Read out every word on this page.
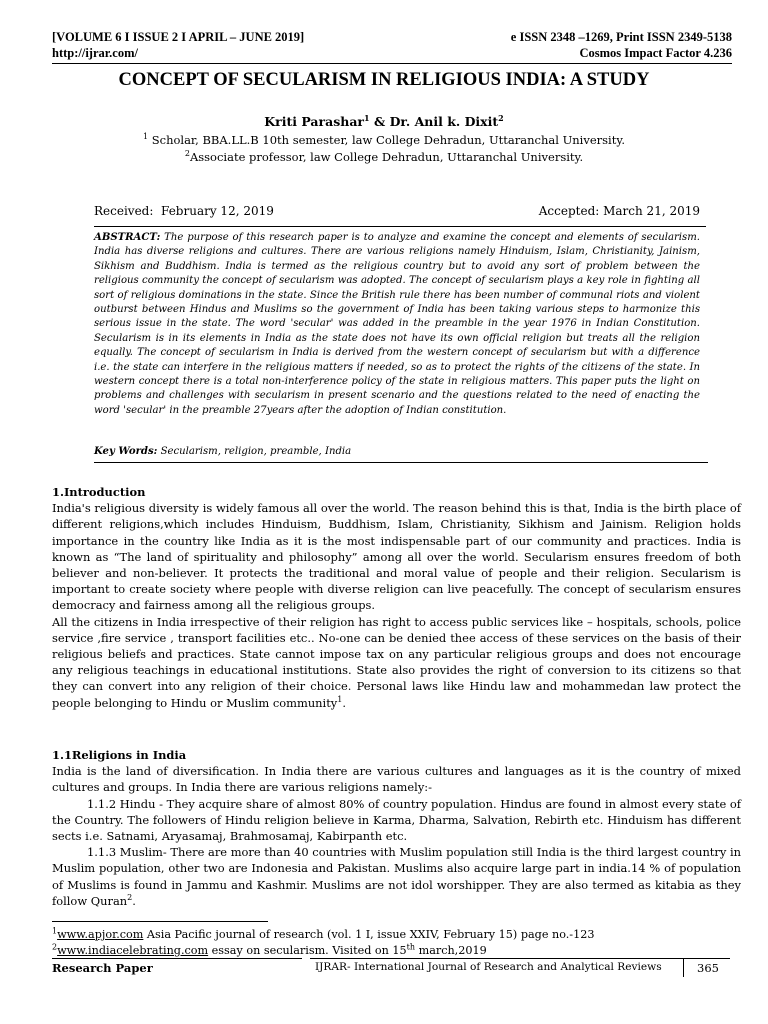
[VOLUME 6 I ISSUE 2 I APRIL – JUNE 2019]	e ISSN 2348 –1269, Print ISSN 2349-5138
http://ijrar.com/	Cosmos Impact Factor 4.236
CONCEPT OF SECULARISM IN RELIGIOUS INDIA: A STUDY
Kriti Parashar$^1$ & Dr. Anil k. Dixit$^2$
$^1$ Scholar, BBA.LL.B 10th semester, law College Dehradun, Uttaranchal University.
$^2$Associate professor, law College Dehradun, Uttaranchal University.
Received:  February 12, 2019	Accepted: March 21, 2019
ABSTRACT: The purpose of this research paper is to analyze and examine the concept and elements of secularism. India has diverse religions and cultures. There are various religions namely Hinduism, Islam, Christianity, Jainism, Sikhism and Buddhism. India is termed as the religious country but to avoid any sort of problem between the religious community the concept of secularism was adopted. The concept of secularism plays a key role in fighting all sort of religious dominations in the state. Since the British rule there has been number of communal riots and violent outburst between Hindus and Muslims so the government of India has been taking various steps to harmonize this serious issue in the state. The word 'secular' was added in the preamble in the year 1976 in Indian Constitution. Secularism is in its elements in India as the state does not have its own official religion but treats all the religion equally. The concept of secularism in India is derived from the western concept of secularism but with a difference i.e. the state can interfere in the religious matters if needed, so as to protect the rights of the citizens of the state. In western concept there is a total non-interference policy of the state in religious matters. This paper puts the light on problems and challenges with secularism in present scenario and the questions related to the need of enacting the word 'secular' in the preamble 27years after the adoption of Indian constitution.
Key Words: Secularism, religion, preamble, India

1.Introduction

India's religious diversity is widely famous all over the world. The reason behind this is that, India is the birth place of different religions,which includes Hinduism, Buddhism, Islam, Christianity, Sikhism and Jainism. Religion holds importance in the country like India as it is the most indispensable part of our community and practices. India is known as “The land of spirituality and philosophy” among all over the world. Secularism ensures freedom of both believer and non-believer. It protects the traditional and moral value of people and their religion. Secularism is important to create society where people with diverse religion can live peacefully. The concept of secularism ensures democracy and fairness among all the religious groups.

All the citizens in India irrespective of their religion has right to access public services like – hospitals, schools, police service ,fire service , transport facilities etc.. No-one can be denied thee access of these services on the basis of their religious beliefs and practices. State cannot impose tax on any particular religious groups and does not encourage any religious teachings in educational institutions. State also provides the right of conversion to its citizens so that they can convert into any religion of their choice. Personal laws like Hindu law and mohammedan law protect the people belonging to Hindu or Muslim community$^1$.

1.1Religions in India

India is the land of diversification. In India there are various cultures and languages as it is the country of mixed cultures and groups. In India there are various religions namely:-

1.1.2 Hindu - They acquire share of almost 80% of country population. Hindus are found in almost every state of the Country. The followers of Hindu religion believe in Karma, Dharma, Salvation, Rebirth etc. Hinduism has different sects i.e. Satnami, Aryasamaj, Brahmosamaj, Kabirpanth etc.

1.1.3 Muslim- There are more than 40 countries with Muslim population still India is the third largest country in Muslim population, other two are Indonesia and Pakistan. Muslims also acquire large part in india.14 % of population of Muslims is found in Jammu and Kashmir. Muslims are not idol worshipper. They are also termed as kitabia as they follow Quran$^2$.

$^1$www.apjor.com Asia Pacific journal of research (vol. 1 I, issue XXIV, February 15) page no.-123
$^2$www.indiacelebrating.com essay on secularism. Visited on 15th march,2019
Research Paper	IJRAR- International Journal of Research and Analytical Reviews	365
